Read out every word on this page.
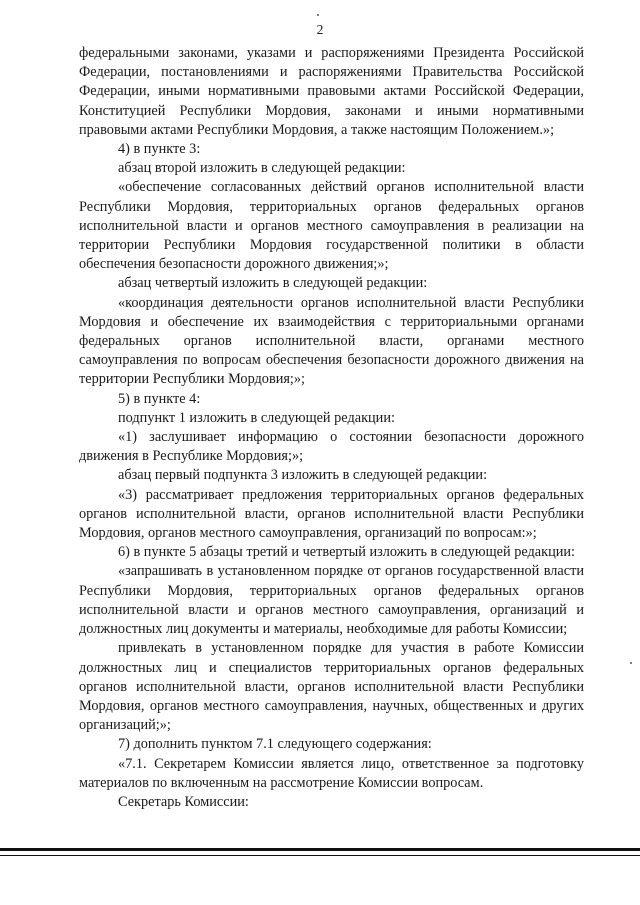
2

федеральными законами, указами и распоряжениями Президента Российской Федерации, постановлениями и распоряжениями Правительства Российской Федерации, иными нормативными правовыми актами Российской Федерации, Конституцией Республики Мордовия, законами и иными нормативными правовыми актами Республики Мордовия, а также настоящим Положением.»;

4) в пункте 3:

абзац второй изложить в следующей редакции:

«обеспечение согласованных действий органов исполнительной власти Республики Мордовия, территориальных органов федеральных органов исполнительной власти и органов местного самоуправления в реализации на территории Республики Мордовия государственной политики в области обеспечения безопасности дорожного движения;»;

абзац четвертый изложить в следующей редакции:

«координация деятельности органов исполнительной власти Республики Мордовия и обеспечение их взаимодействия с территориальными органами федеральных органов исполнительной власти, органами местного самоуправления по вопросам обеспечения безопасности дорожного движения на территории Республики Мордовия;»;

5) в пункте 4:

подпункт 1 изложить в следующей редакции:

«1) заслушивает информацию о состоянии безопасности дорожного движения в Республике Мордовия;»;

абзац первый подпункта 3 изложить в следующей редакции:

«3) рассматривает предложения территориальных органов федеральных органов исполнительной власти, органов исполнительной власти Республики Мордовия, органов местного самоуправления, организаций по вопросам:»;

6) в пункте 5 абзацы третий и четвертый изложить в следующей редакции:

«запрашивать в установленном порядке от органов государственной власти Республики Мордовия, территориальных органов федеральных органов исполнительной власти и органов местного самоуправления, организаций и должностных лиц документы и материалы, необходимые для работы Комиссии;

привлекать в установленном порядке для участия в работе Комиссии должностных лиц и специалистов территориальных органов федеральных органов исполнительной власти, органов исполнительной власти Республики Мордовия, органов местного самоуправления, научных, общественных и других организаций;»;

7) дополнить пунктом 7.1 следующего содержания:

«7.1. Секретарем Комиссии является лицо, ответственное за подготовку материалов по включенным на рассмотрение Комиссии вопросам.

Секретарь Комиссии:
